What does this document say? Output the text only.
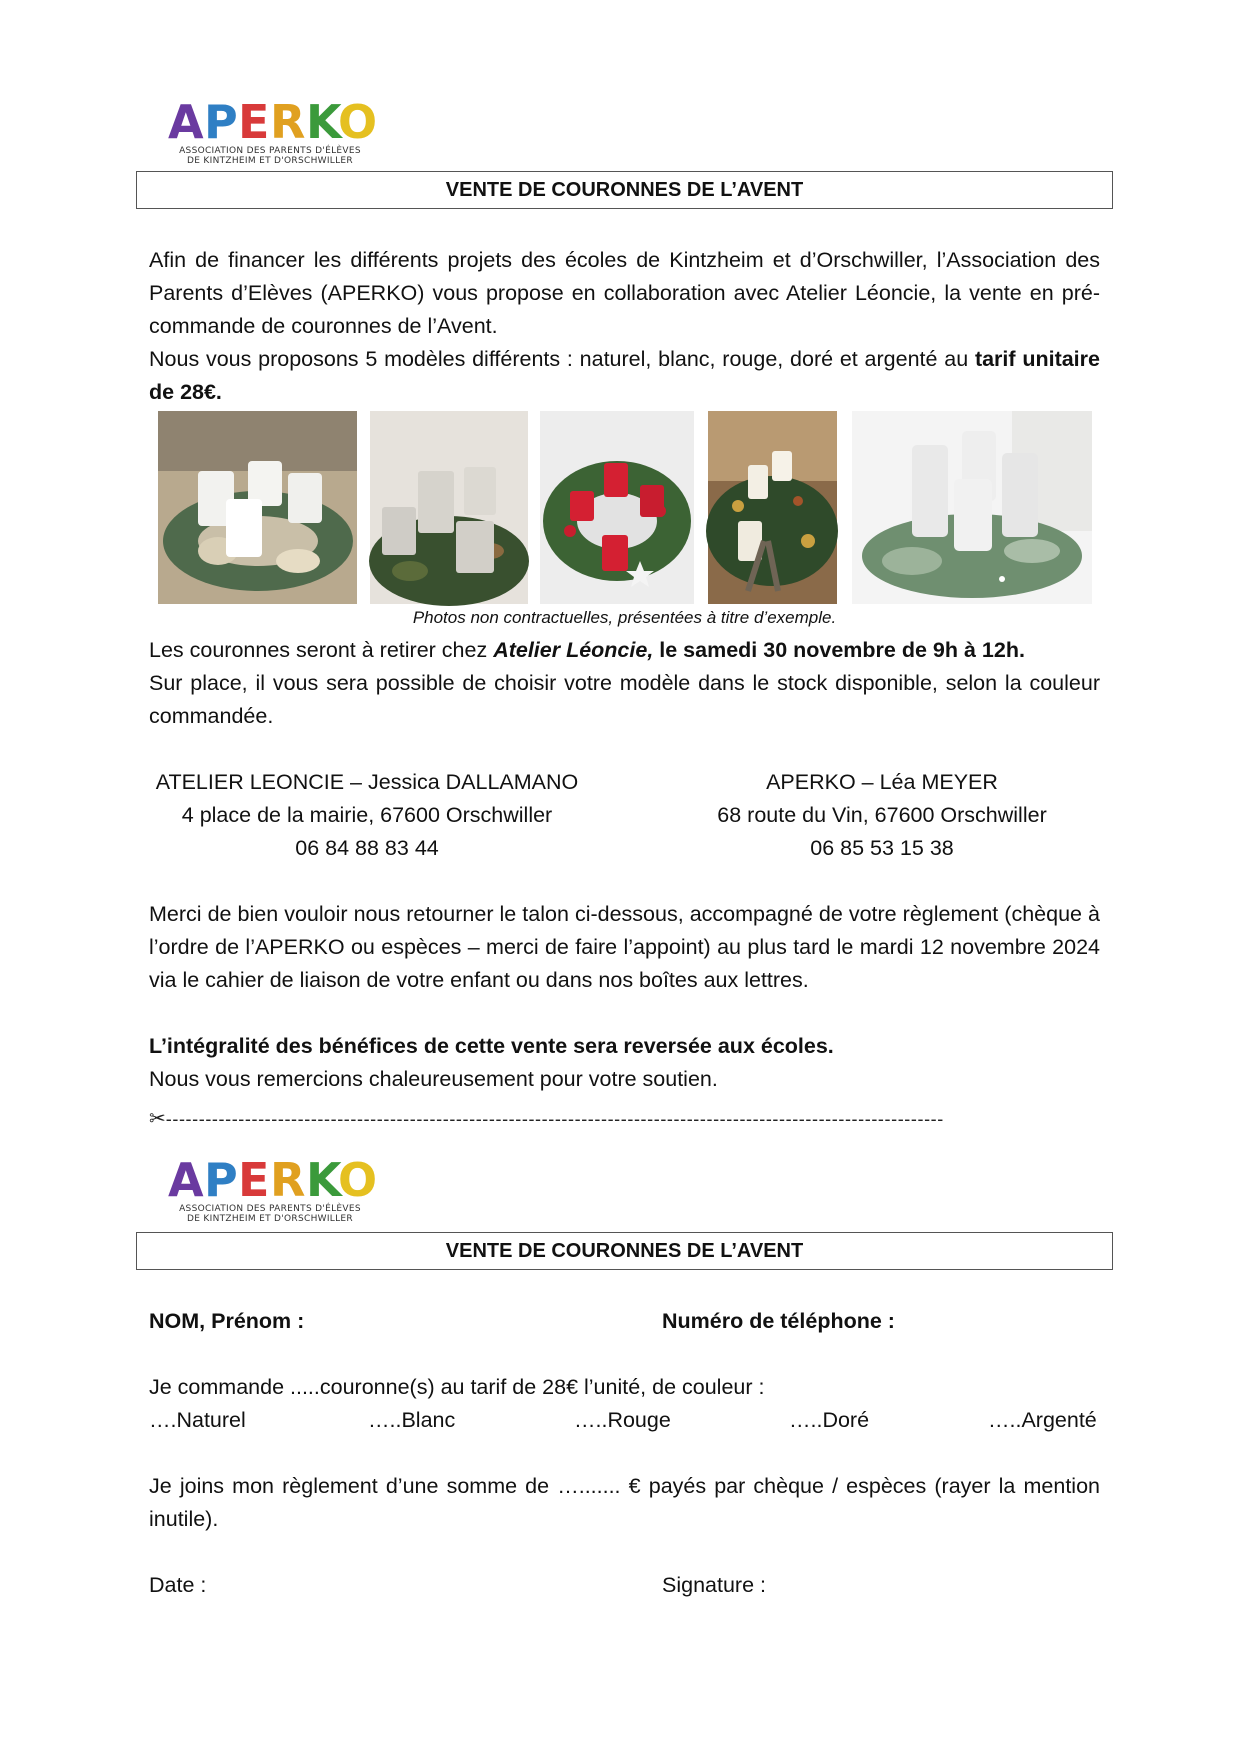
A P E R K
O
ASSOCIATION DES PARENTS D'ÉLÈVES
DE KINTZHEIM ET D'ORSCHWILLER
VENTE DE COURONNES DE L’AVENT
Afin de financer les différents projets des écoles de Kintzheim et d’Orschwiller, l’Association des Parents d’Elèves (APERKO) vous propose en collaboration avec Atelier Léoncie, la vente en pré-commande de couronnes de l’Avent.
Nous vous proposons 5 modèles différents : naturel, blanc, rouge, doré et argenté au tarif unitaire de 28€.
Photos non contractuelles, présentées à titre d’exemple.
Les couronnes seront à retirer chez Atelier Léoncie, le samedi 30 novembre de 9h à 12h.
Sur place, il vous sera possible de choisir votre modèle dans le stock disponible, selon la couleur commandée.
ATELIER LEONCIE – Jessica DALLAMANO
4 place de la mairie, 67600 Orschwiller
06 84 88 83 44
APERKO – Léa MEYER
68 route du Vin, 67600 Orschwiller
06 85 53 15 38
Merci de bien vouloir nous retourner le talon ci-dessous, accompagné de votre règlement (chèque à l’ordre de l’APERKO ou espèces – merci de faire l’appoint) au plus tard le mardi 12 novembre 2024 via le cahier de liaison de votre enfant ou dans nos boîtes aux lettres.
L’intégralité des bénéfices de cette vente sera reversée aux écoles.
Nous vous remercions chaleureusement pour votre soutien.
✂----------------------------------------------------------------------------------------------------------------------
A P E R K
O
ASSOCIATION DES PARENTS D'ÉLÈVES
DE KINTZHEIM ET D'ORSCHWILLER
VENTE DE COURONNES DE L’AVENT
NOM, Prénom :	Numéro de téléphone :
Je commande .....couronne(s) au tarif de 28€ l’unité, de couleur :
….Naturel	…..Blanc	…..Rouge	…..Doré	…..Argenté
Je joins mon règlement d’une somme de …....... € payés par chèque / espèces (rayer la mention inutile).
Date :	Signature :
